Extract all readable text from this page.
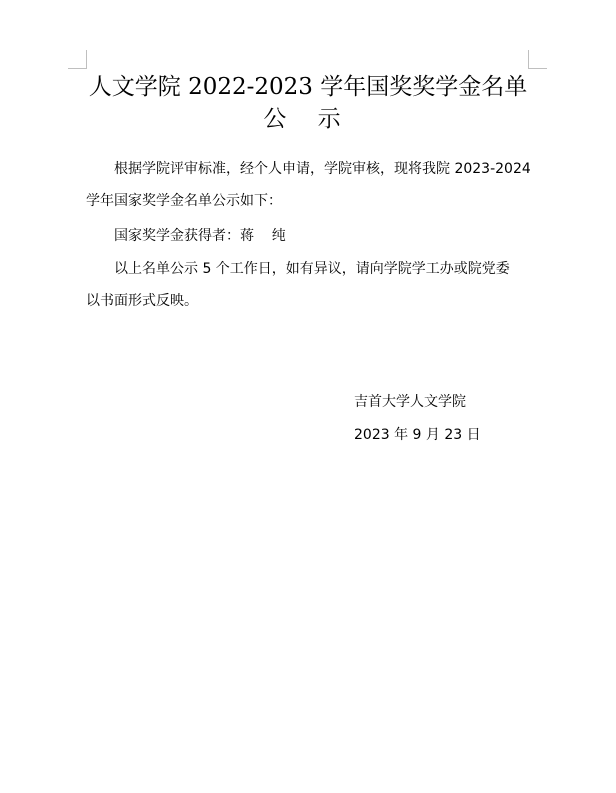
人文学院 2022-2023 学年国奖奖学金名单
公 示
根据学院评审标准，经个人申请，学院审核，现将我院 2023-2024
学年国家奖学金名单公示如下：
国家奖学金获得者：蒋    纯
以上名单公示 5 个工作日，如有异议，请向学院学工办或院党委
以书面形式反映。
吉首大学人文学院
2023 年 9 月 23 日
